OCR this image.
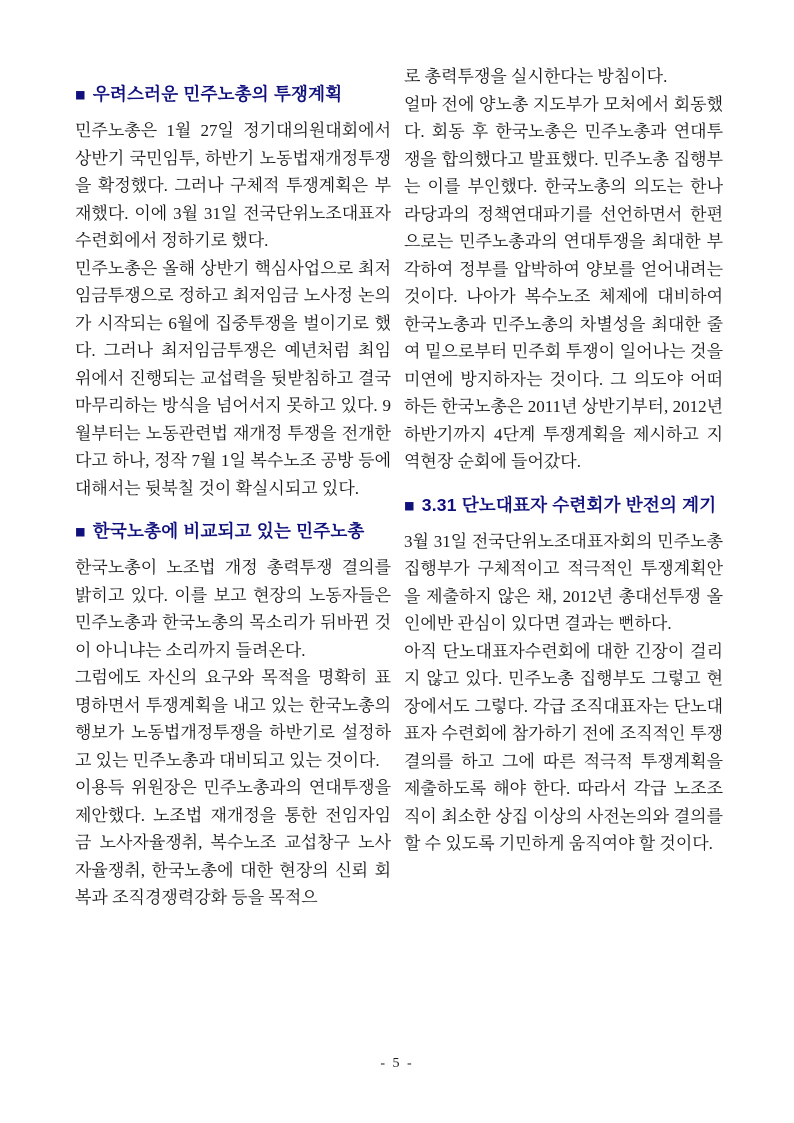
■ 우려스러운 민주노총의 투쟁계획

민주노총은 1월 27일 정기대의원대회에서 상반기 국민임투, 하반기 노동법재개정투쟁을 확정했다. 그러나 구체적 투쟁계획은 부재했다. 이에 3월 31일 전국단위노조대표자 수련회에서 정하기로 했다.

민주노총은 올해 상반기 핵심사업으로 최저임금투쟁으로 정하고 최저임금 노사정 논의가 시작되는 6월에 집중투쟁을 벌이기로 했다. 그러나 최저임금투쟁은 예년처럼 최임위에서 진행되는 교섭력을 뒷받침하고 결국 마무리하는 방식을 넘어서지 못하고 있다. 9월부터는 노동관련법 재개정 투쟁을 전개한다고 하나, 정작 7월 1일 복수노조 공방 등에 대해서는 뒷북칠 것이 확실시되고 있다.

■ 한국노총에 비교되고 있는 민주노총

한국노총이 노조법 개정 총력투쟁 결의를 밝히고 있다. 이를 보고 현장의 노동자들은 민주노총과 한국노총의 목소리가 뒤바뀐 것이 아니냐는 소리까지 들려온다.

그럼에도 자신의 요구와 목적을 명확히 표명하면서 투쟁계획을 내고 있는 한국노총의 행보가 노동법개정투쟁을 하반기로 설정하고 있는 민주노총과 대비되고 있는 것이다.

이용득 위원장은 민주노총과의 연대투쟁을 제안했다. 노조법 재개정을 통한 전임자임금 노사자율쟁취, 복수노조 교섭창구 노사자율쟁취, 한국노총에 대한 현장의 신뢰 회복과 조직경쟁력강화 등을 목적으

로 총력투쟁을 실시한다는 방침이다.

얼마 전에 양노총 지도부가 모처에서 회동했다. 회동 후 한국노총은 민주노총과 연대투쟁을 합의했다고 발표했다. 민주노총 집행부는 이를 부인했다. 한국노총의 의도는 한나라당과의 정책연대파기를 선언하면서 한편으로는 민주노총과의 연대투쟁을 최대한 부각하여 정부를 압박하여 양보를 얻어내려는 것이다. 나아가 복수노조 체제에 대비하여 한국노총과 민주노총의 차별성을 최대한 줄여 밑으로부터 민주회 투쟁이 일어나는 것을 미연에 방지하자는 것이다. 그 의도야 어떠하든 한국노총은 2011년 상반기부터, 2012년 하반기까지 4단계 투쟁계획을 제시하고 지역현장 순회에 들어갔다.

■ 3.31 단노대표자 수련회가 반전의 계기

3월 31일 전국단위노조대표자회의 민주노총 집행부가 구체적이고 적극적인 투쟁계획안을 제출하지 않은 채, 2012년 총대선투쟁 올인에반 관심이 있다면 결과는 뻔하다.

아직 단노대표자수련회에 대한 긴장이 걸리지 않고 있다. 민주노총 집행부도 그렇고 현장에서도 그렇다. 각급 조직대표자는 단노대표자 수련회에 참가하기 전에 조직적인 투쟁결의를 하고 그에 따른 적극적 투쟁계획을 제출하도록 해야 한다. 따라서 각급 노조조직이 최소한 상집 이상의 사전논의와 결의를 할 수 있도록 기민하게 움직여야 할 것이다.

- 5 -
